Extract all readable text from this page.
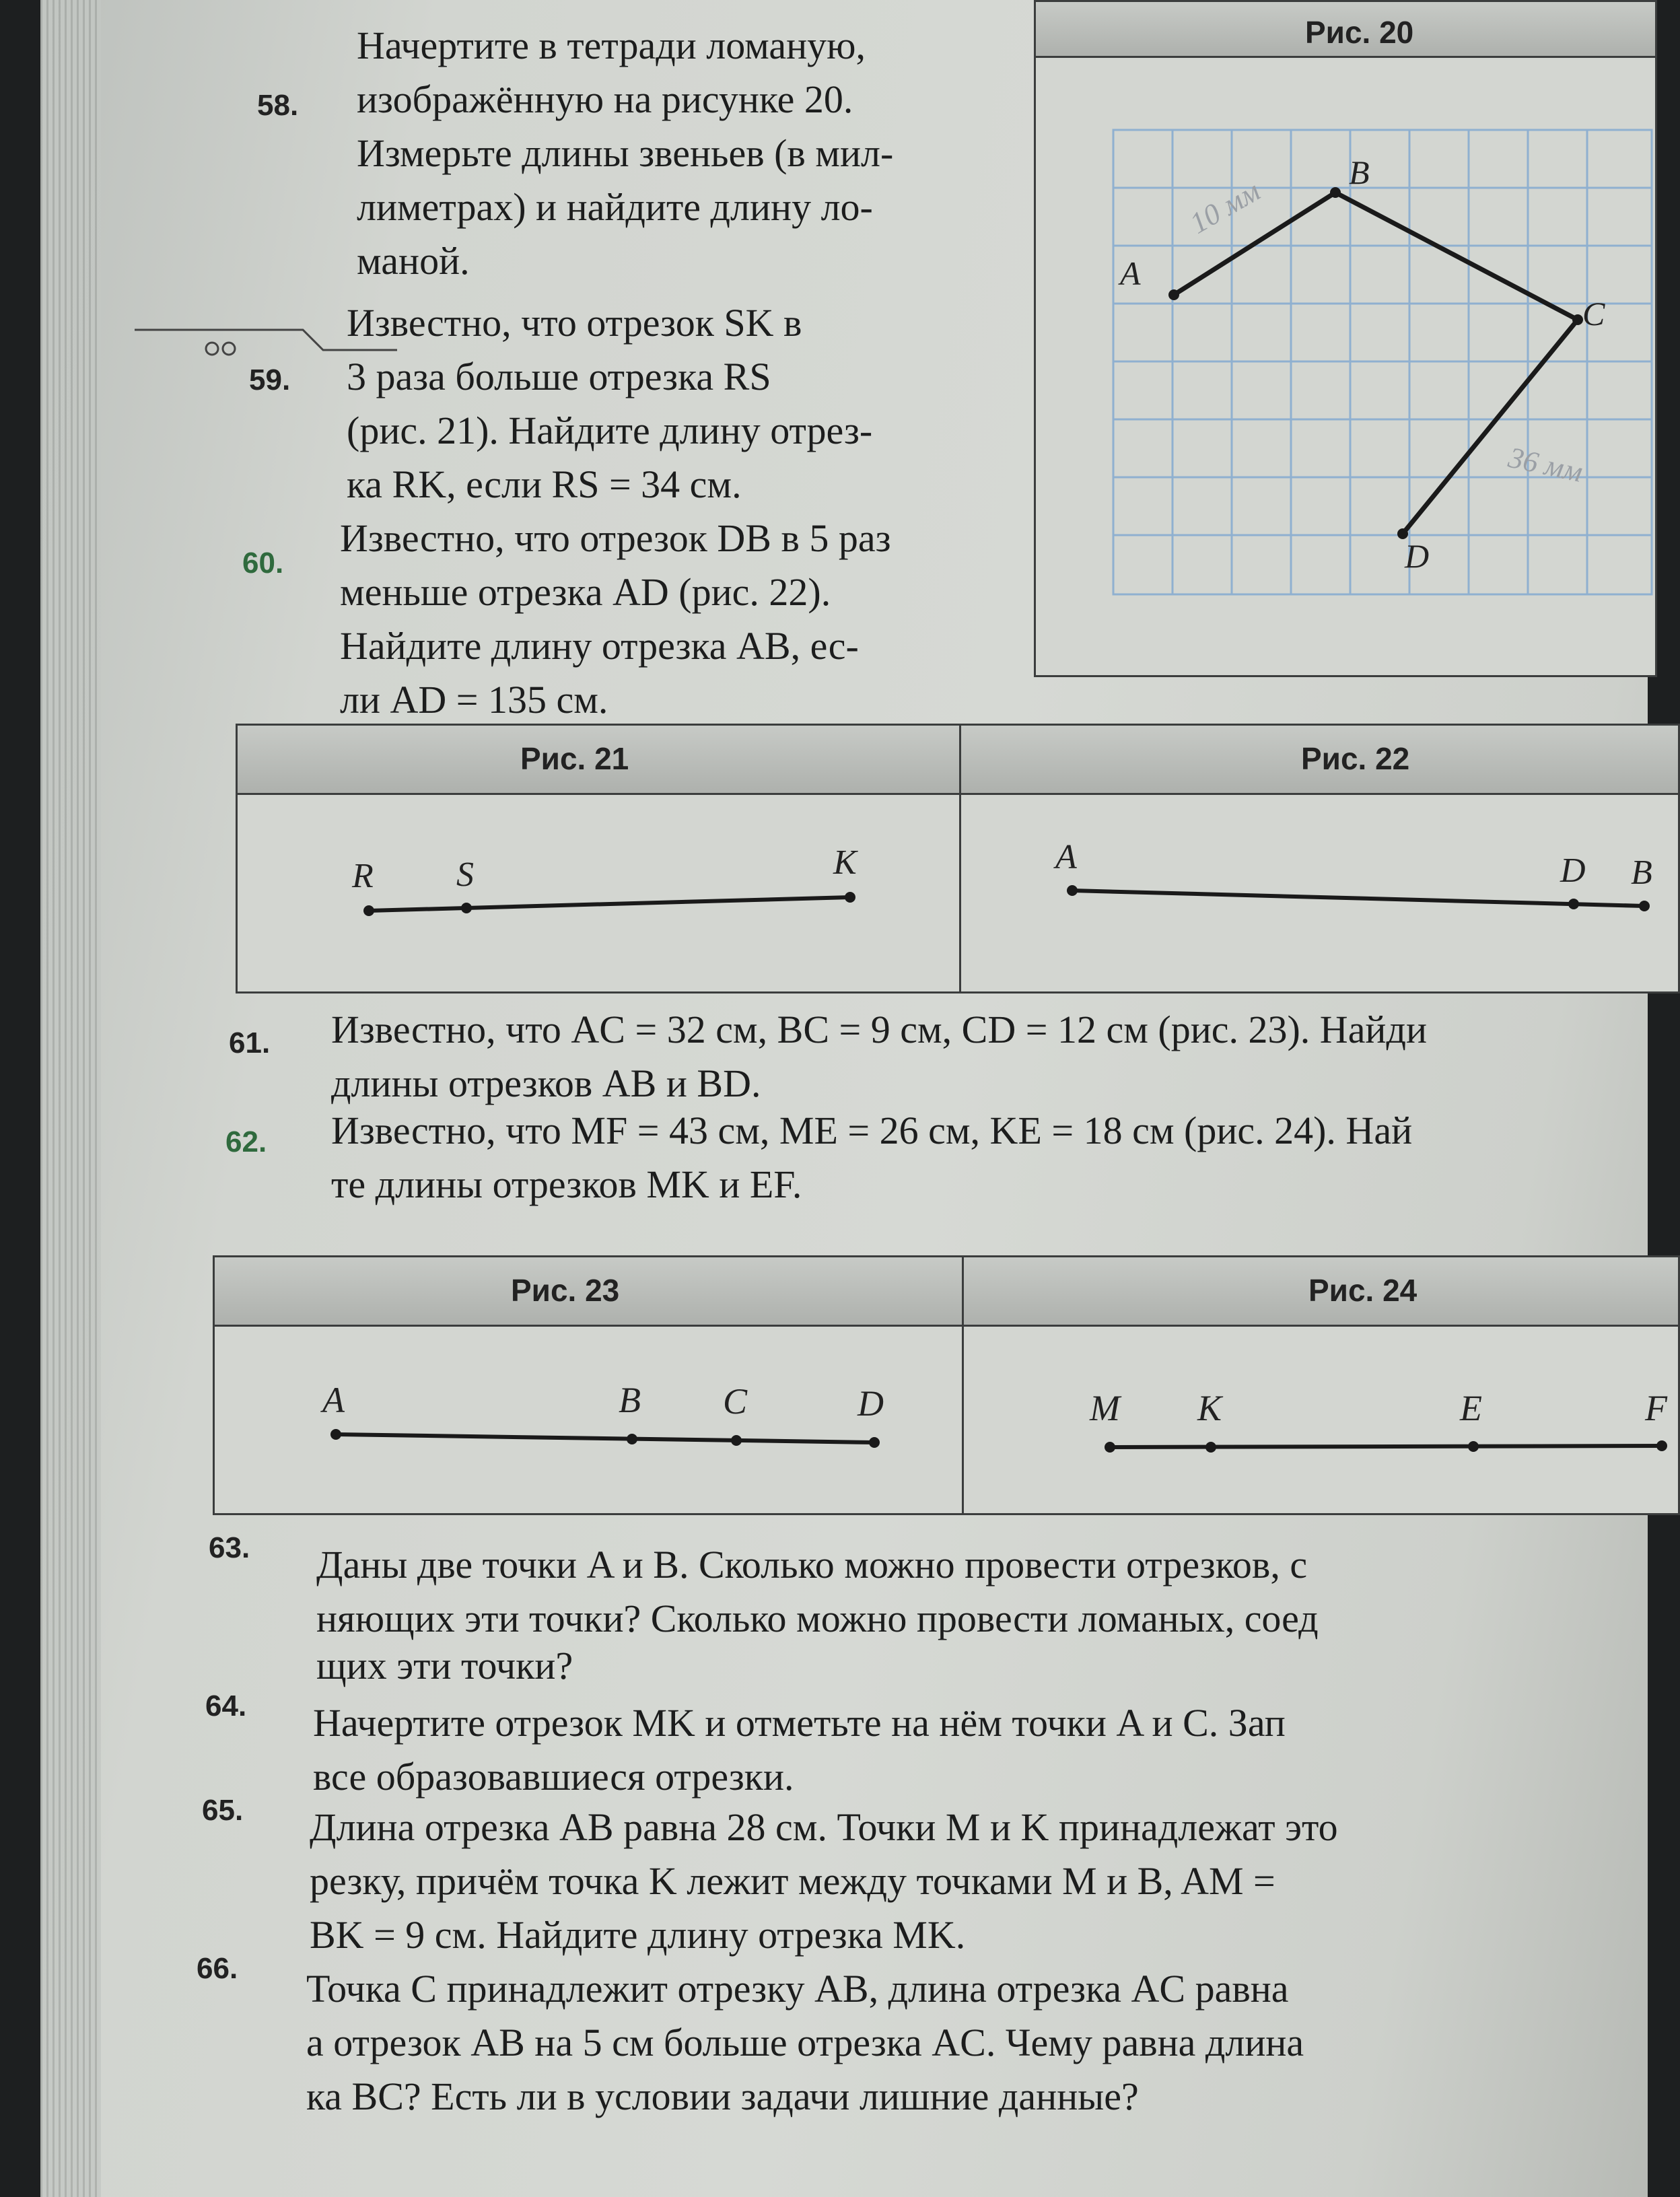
58.
Начертите в тетради ломаную,
изображённую на рисунке 20.
Измерьте длины звеньев (в мил-
лиметрах) и найдите длину ло-
маной.
59.
Известно, что отрезок SK в
3 раза больше отрезка RS
(рис. 21). Найдите длину отрез-
ка RK, если RS = 34 см.
60.
Известно, что отрезок DB в 5 раз
меньше отрезка AD (рис. 22).
Найдите длину отрезка AB, ес-
ли AD = 135 см.
Рис. 20
A
B
C
D
10 мм
36 мм
Рис. 21	Рис. 22
R S	K	A	D B
61. Известно, что AC = 32 см, BC = 9 см, CD = 12 см (рис. 23). Найди
длины отрезков AB и BD.
62. Известно, что MF = 43 см, ME = 26 см, KE = 18 см (рис. 24). Най
те длины отрезков MK и EF.
Рис. 23	Рис. 24
A	B C	D	M K	E	F
63. Даны две точки A и B. Сколько можно провести отрезков, с
няющих эти точки? Сколько можно провести ломаных, соед
щих эти точки?
64. Начертите отрезок MK и отметьте на нём точки A и C. Зап
все образовавшиеся отрезки.
65. Длина отрезка AB равна 28 см. Точки M и K принадлежат это
резку, причём точка K лежит между точками M и B, AM =
BK = 9 см. Найдите длину отрезка MK.
66. Точка C принадлежит отрезку AB, длина отрезка AC равна
а отрезок AB на 5 см больше отрезка AC. Чему равна длина
ка BC? Есть ли в условии задачи лишние данные?
